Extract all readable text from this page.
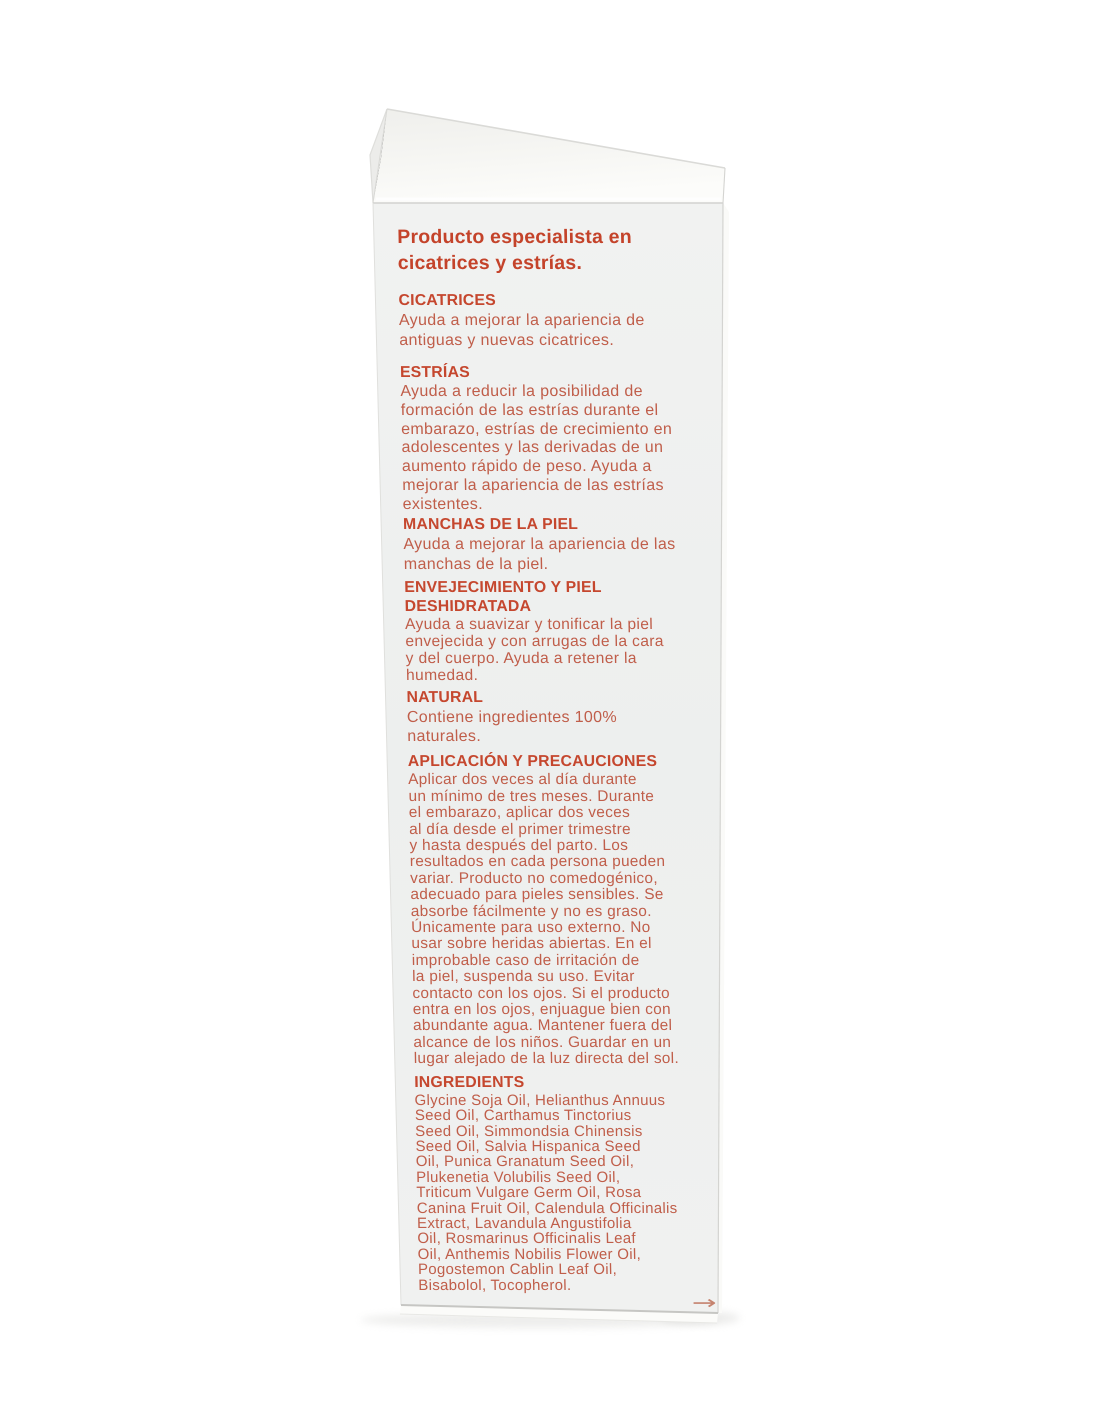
Producto especialista en
cicatrices y estrías.
CICATRICES

Ayuda a mejorar la apariencia de
antiguas y nuevas cicatrices.

ESTRÍAS

Ayuda a reducir la posibilidad de
formación de las estrías durante el
embarazo, estrías de crecimiento en
adolescentes y las derivadas de un
aumento rápido de peso. Ayuda a
mejorar la apariencia de las estrías
existentes.

MANCHAS DE LA PIEL

Ayuda a mejorar la apariencia de las
manchas de la piel.

ENVEJECIMIENTO Y PIEL
DESHIDRATADA

Ayuda a suavizar y tonificar la piel
envejecida y con arrugas de la cara
y del cuerpo. Ayuda a retener la
humedad.

NATURAL

Contiene ingredientes 100%
naturales.

APLICACIÓN Y PRECAUCIONES

Aplicar dos veces al día durante
un mínimo de tres meses. Durante
el embarazo, aplicar dos veces
al día desde el primer trimestre
y hasta después del parto. Los
resultados en cada persona pueden
variar. Producto no comedogénico,
adecuado para pieles sensibles. Se
absorbe fácilmente y no es graso.
Únicamente para uso externo. No
usar sobre heridas abiertas. En el
improbable caso de irritación de
la piel, suspenda su uso. Evitar
contacto con los ojos. Si el producto
entra en los ojos, enjuague bien con
abundante agua. Mantener fuera del
alcance de los niños. Guardar en un
lugar alejado de la luz directa del sol.

INGREDIENTS

Glycine Soja Oil, Helianthus Annuus
Seed Oil, Carthamus Tinctorius
Seed Oil, Simmondsia Chinensis
Seed Oil, Salvia Hispanica Seed
Oil, Punica Granatum Seed Oil,
Plukenetia Volubilis Seed Oil,
Triticum Vulgare Germ Oil, Rosa
Canina Fruit Oil, Calendula Officinalis
Extract, Lavandula Angustifolia
Oil, Rosmarinus Officinalis Leaf
Oil, Anthemis Nobilis Flower Oil,
Pogostemon Cablin Leaf Oil,
Bisabolol, Tocopherol.

→
